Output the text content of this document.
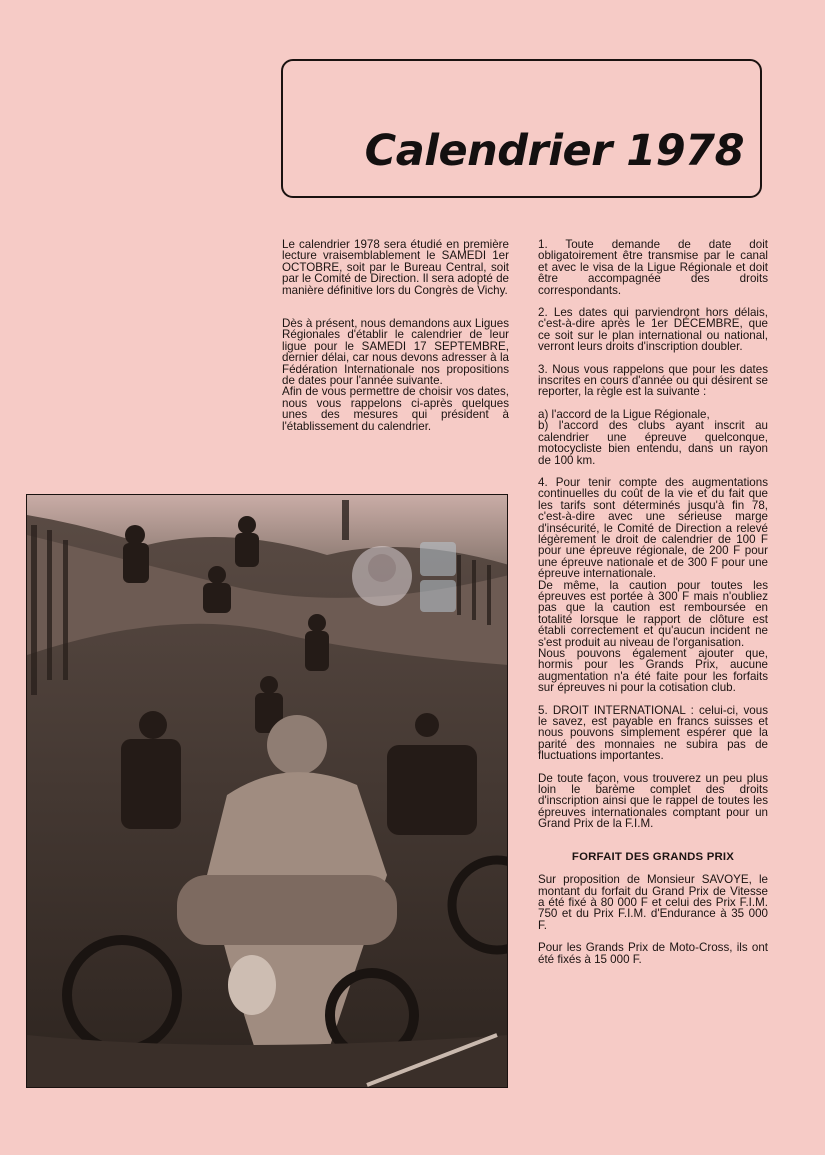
Calendrier 1978

Le calendrier 1978 sera étudié en première lecture vraisemblablement le SAMEDI 1er OCTOBRE, soit par le Bureau Central, soit par le Comité de Direction. Il sera adopté de manière définitive lors du Congrès de Vichy.

Dès à présent, nous demandons aux Ligues Régionales d'établir le calendrier de leur ligue pour le SAMEDI 17 SEPTEMBRE, dernier délai, car nous devons adresser à la Fédération Internationale nos propositions de dates pour l'année suivante.

Afin de vous permettre de choisir vos dates, nous vous rappelons ci-après quelques unes des mesures qui président à l'établissement du calendrier.

1. Toute demande de date doit obligatoirement être transmise par le canal et avec le visa de la Ligue Régionale et doit être accompagnée des droits correspondants.

2. Les dates qui parviendront hors délais, c'est-à-dire après le 1er DÉCEMBRE, que ce soit sur le plan international ou national, verront leurs droits d'inscription doubler.

3. Nous vous rappelons que pour les dates inscrites en cours d'année ou qui désirent se reporter, la règle est la suivante :

a) l'accord de la Ligue Régionale,

b) l'accord des clubs ayant inscrit au calendrier une épreuve quelconque, motocycliste bien entendu, dans un rayon de 100 km.

4. Pour tenir compte des augmentations continuelles du coût de la vie et du fait que les tarifs sont déterminés jusqu'à fin 78, c'est-à-dire avec une sérieuse marge d'insécurité, le Comité de Direction a relevé légèrement le droit de calendrier de 100 F pour une épreuve régionale, de 200 F pour une épreuve nationale et de 300 F pour une épreuve internationale.

De même, la caution pour toutes les épreuves est portée à 300 F mais n'oubliez pas que la caution est remboursée en totalité lorsque le rapport de clôture est établi correctement et qu'aucun incident ne s'est produit au niveau de l'organisation.

Nous pouvons également ajouter que, hormis pour les Grands Prix, aucune augmentation n'a été faite pour les forfaits sur épreuves ni pour la cotisation club.

5. DROIT INTERNATIONAL : celui-ci, vous le savez, est payable en francs suisses et nous pouvons simplement espérer que la parité des monnaies ne subira pas de fluctuations importantes.

De toute façon, vous trouverez un peu plus loin le barème complet des droits d'inscription ainsi que le rappel de toutes les épreuves internationales comptant pour un Grand Prix de la F.I.M.

FORFAIT DES GRANDS PRIX

Sur proposition de Monsieur SAVOYE, le montant du forfait du Grand Prix de Vitesse a été fixé à 80 000 F et celui des Prix F.I.M. 750 et du Prix F.I.M. d'Endurance à 35 000 F.

Pour les Grands Prix de Moto-Cross, ils ont été fixés à 15 000 F.
